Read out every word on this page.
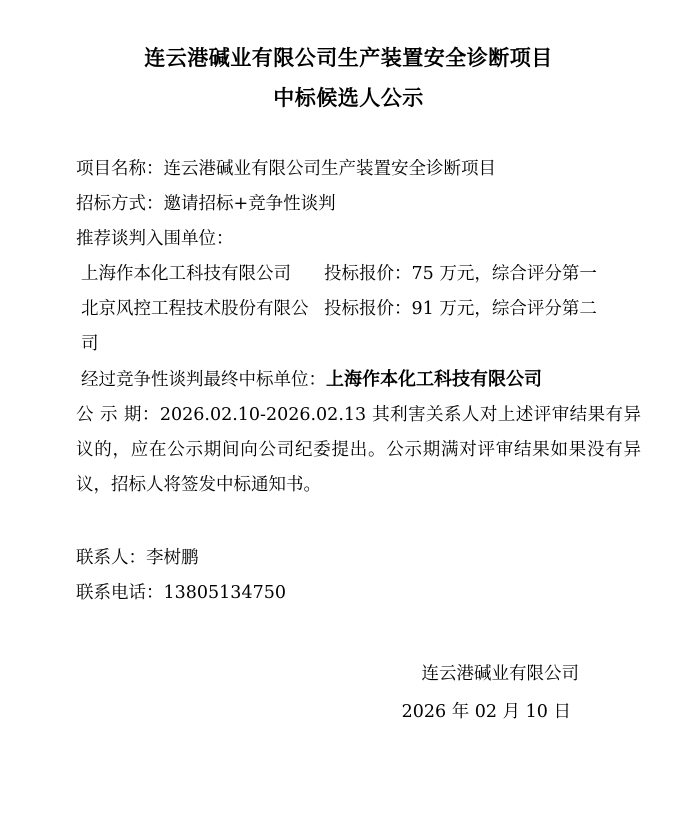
连云港碱业有限公司生产装置安全诊断项目
中标候选人公示
项目名称：连云港碱业有限公司生产装置安全诊断项目
招标方式：邀请招标+竞争性谈判
推荐谈判入围单位：
上海作本化工科技有限公司	投标报价：75 万元，综合评分第一
北京风控工程技术股份有限公司
投标报价：91 万元，综合评分第二
经过竞争性谈判最终中标单位：上海作本化工科技有限公司
公 示 期：2026.02.10-2026.02.13 其利害关系人对上述评审结果有异议的，应在公示期间向公司纪委提出。公示期满对评审结果如果没有异议，招标人将签发中标通知书。
联系人：李树鹏
联系电话：13805134750
连云港碱业有限公司
2026 年 02 月 10 日
